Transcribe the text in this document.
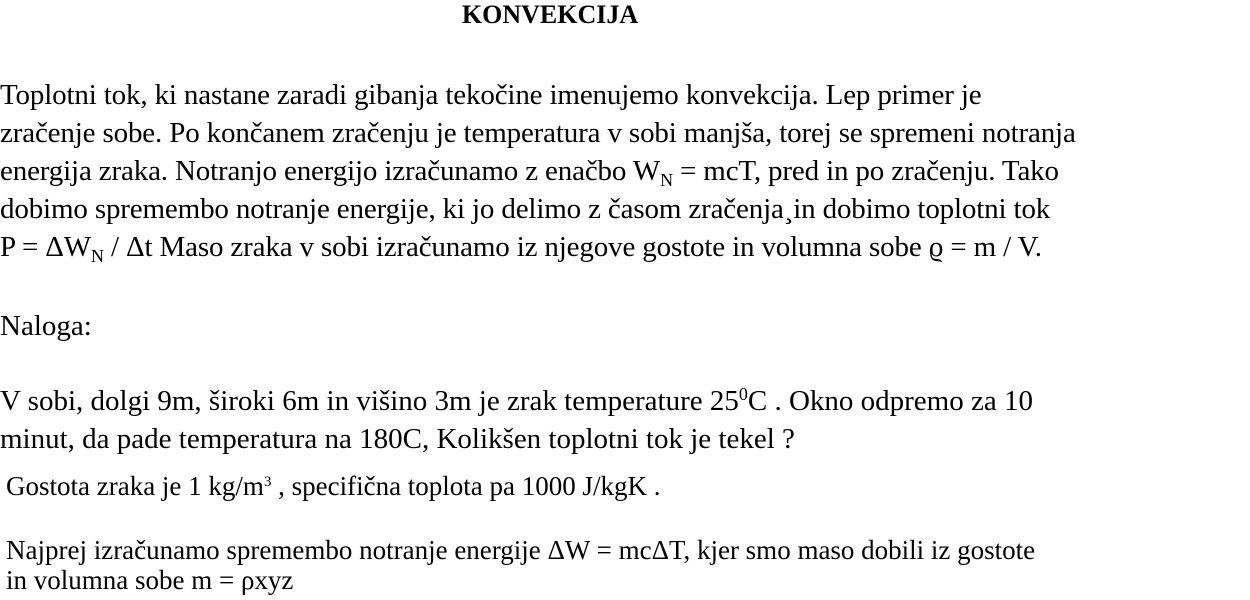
KONVEKCIJA
Toplotni tok, ki nastane zaradi gibanja tekočine imenujemo konvekcija. Lep primer je
zračenje sobe. Po končanem zračenju je temperatura v sobi manjša, torej se spremeni notranja
energija zraka. Notranjo energijo izračunamo z enačbo $W_N$ = mcT, pred in po zračenju. Tako
dobimo spremembo notranje energije, ki jo delimo z časom zračenja¸in dobimo toplotni tok
$P = \Delta W_N / \Delta t$ Maso zraka v sobi izračunamo iz njegove gostote in volumna sobe ϱ = m / V.
Naloga:
V sobi, dolgi 9m, široki 6m in višino 3m je zrak temperature $25^0C$ . Okno odpremo za 10
minut, da pade temperatura na 180C, Kolikšen toplotni tok je tekel ?
Gostota zraka je 1 $kg/m^3$ , specifična toplota pa 1000 J/kgK .
Najprej izračunamo spremembo notranje energije ΔW = mcΔT, kjer smo maso dobili iz gostote
in volumna sobe m = ρxyz
